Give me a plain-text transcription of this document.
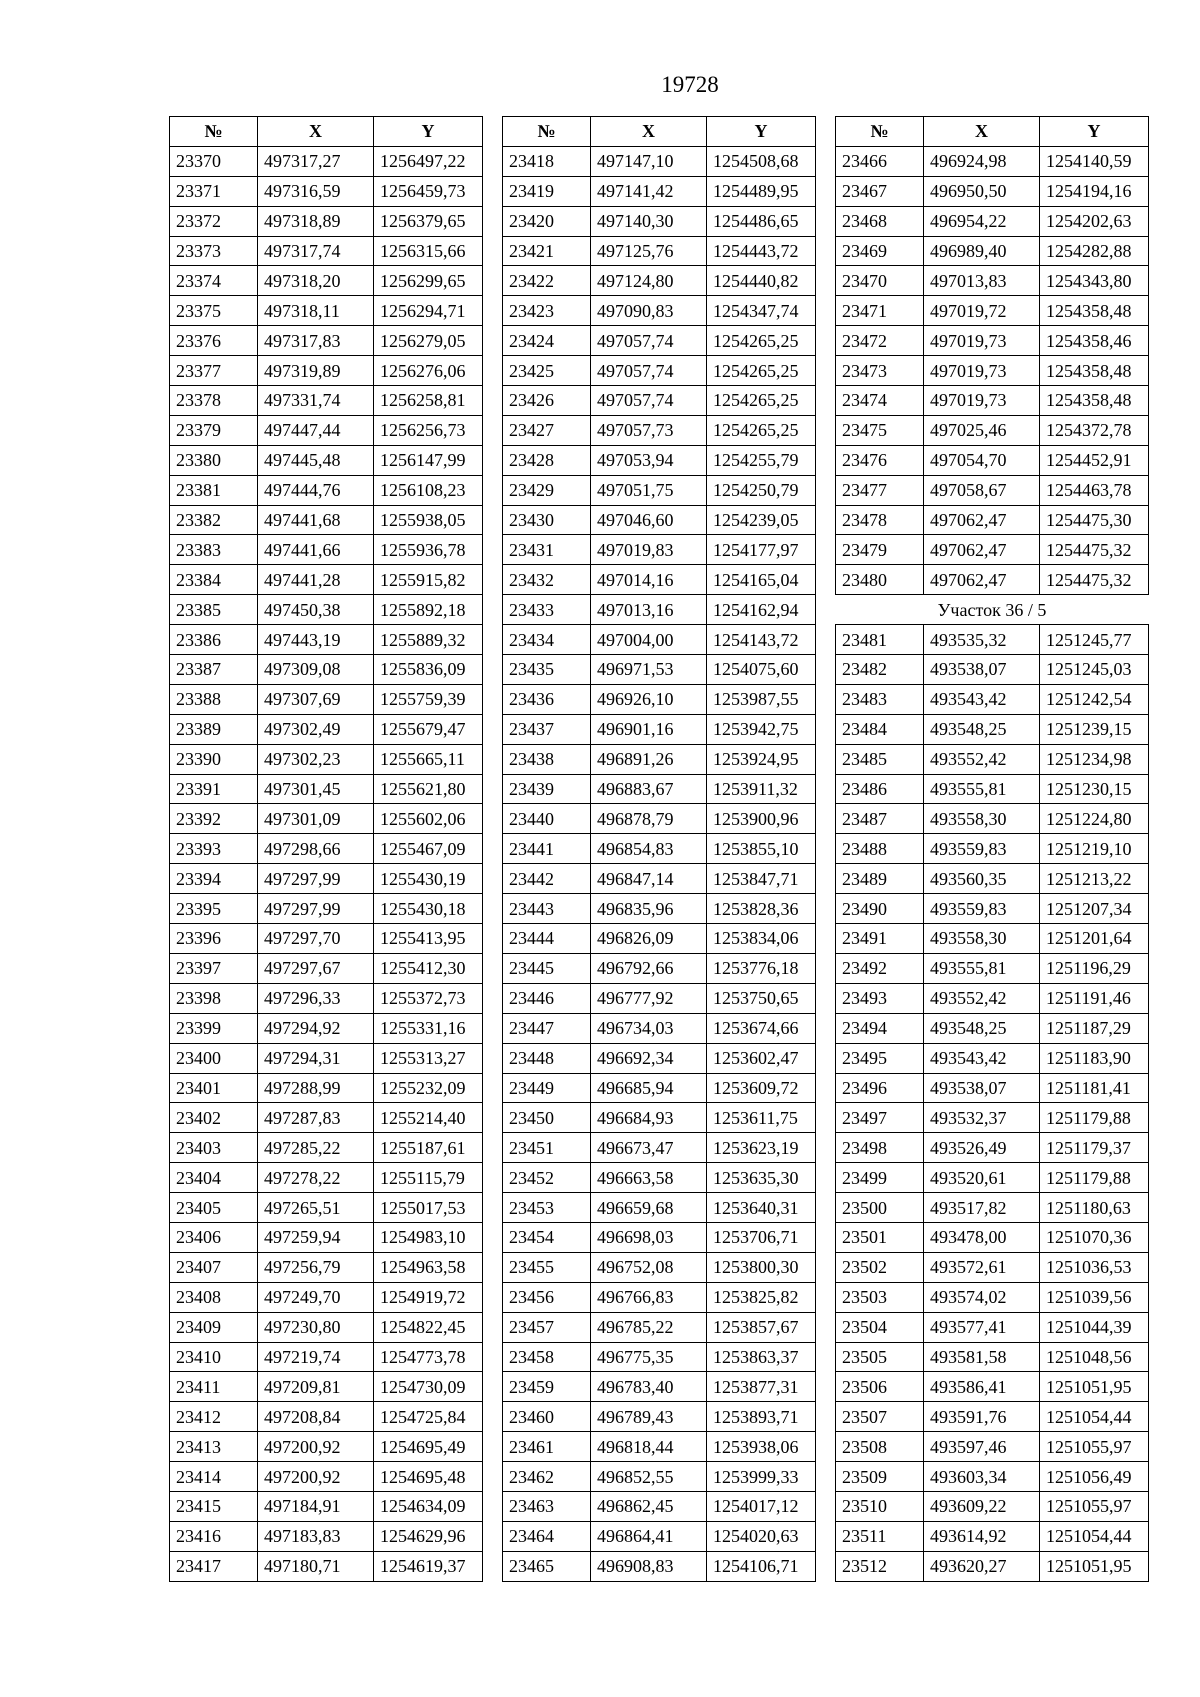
19728
№	X	Y
23370	497317,27	1256497,22
23371	497316,59	1256459,73
23372	497318,89	1256379,65
23373	497317,74	1256315,66
23374	497318,20	1256299,65
23375	497318,11	1256294,71
23376	497317,83	1256279,05
23377	497319,89	1256276,06
23378	497331,74	1256258,81
23379	497447,44	1256256,73
23380	497445,48	1256147,99
23381	497444,76	1256108,23
23382	497441,68	1255938,05
23383	497441,66	1255936,78
23384	497441,28	1255915,82
23385	497450,38	1255892,18
23386	497443,19	1255889,32
23387	497309,08	1255836,09
23388	497307,69	1255759,39
23389	497302,49	1255679,47
23390	497302,23	1255665,11
23391	497301,45	1255621,80
23392	497301,09	1255602,06
23393	497298,66	1255467,09
23394	497297,99	1255430,19
23395	497297,99	1255430,18
23396	497297,70	1255413,95
23397	497297,67	1255412,30
23398	497296,33	1255372,73
23399	497294,92	1255331,16
23400	497294,31	1255313,27
23401	497288,99	1255232,09
23402	497287,83	1255214,40
23403	497285,22	1255187,61
23404	497278,22	1255115,79
23405	497265,51	1255017,53
23406	497259,94	1254983,10
23407	497256,79	1254963,58
23408	497249,70	1254919,72
23409	497230,80	1254822,45
23410	497219,74	1254773,78
23411	497209,81	1254730,09
23412	497208,84	1254725,84
23413	497200,92	1254695,49
23414	497200,92	1254695,48
23415	497184,91	1254634,09
23416	497183,83	1254629,96
23417	497180,71	1254619,37
№	X	Y
23418	497147,10	1254508,68
23419	497141,42	1254489,95
23420	497140,30	1254486,65
23421	497125,76	1254443,72
23422	497124,80	1254440,82
23423	497090,83	1254347,74
23424	497057,74	1254265,25
23425	497057,74	1254265,25
23426	497057,74	1254265,25
23427	497057,73	1254265,25
23428	497053,94	1254255,79
23429	497051,75	1254250,79
23430	497046,60	1254239,05
23431	497019,83	1254177,97
23432	497014,16	1254165,04
23433	497013,16	1254162,94
23434	497004,00	1254143,72
23435	496971,53	1254075,60
23436	496926,10	1253987,55
23437	496901,16	1253942,75
23438	496891,26	1253924,95
23439	496883,67	1253911,32
23440	496878,79	1253900,96
23441	496854,83	1253855,10
23442	496847,14	1253847,71
23443	496835,96	1253828,36
23444	496826,09	1253834,06
23445	496792,66	1253776,18
23446	496777,92	1253750,65
23447	496734,03	1253674,66
23448	496692,34	1253602,47
23449	496685,94	1253609,72
23450	496684,93	1253611,75
23451	496673,47	1253623,19
23452	496663,58	1253635,30
23453	496659,68	1253640,31
23454	496698,03	1253706,71
23455	496752,08	1253800,30
23456	496766,83	1253825,82
23457	496785,22	1253857,67
23458	496775,35	1253863,37
23459	496783,40	1253877,31
23460	496789,43	1253893,71
23461	496818,44	1253938,06
23462	496852,55	1253999,33
23463	496862,45	1254017,12
23464	496864,41	1254020,63
23465	496908,83	1254106,71
№	X	Y
23466	496924,98	1254140,59
23467	496950,50	1254194,16
23468	496954,22	1254202,63
23469	496989,40	1254282,88
23470	497013,83	1254343,80
23471	497019,72	1254358,48
23472	497019,73	1254358,46
23473	497019,73	1254358,48
23474	497019,73	1254358,48
23475	497025,46	1254372,78
23476	497054,70	1254452,91
23477	497058,67	1254463,78
23478	497062,47	1254475,30
23479	497062,47	1254475,32
23480	497062,47	1254475,32
Участок 36 / 5		
23481	493535,32	1251245,77
23482	493538,07	1251245,03
23483	493543,42	1251242,54
23484	493548,25	1251239,15
23485	493552,42	1251234,98
23486	493555,81	1251230,15
23487	493558,30	1251224,80
23488	493559,83	1251219,10
23489	493560,35	1251213,22
23490	493559,83	1251207,34
23491	493558,30	1251201,64
23492	493555,81	1251196,29
23493	493552,42	1251191,46
23494	493548,25	1251187,29
23495	493543,42	1251183,90
23496	493538,07	1251181,41
23497	493532,37	1251179,88
23498	493526,49	1251179,37
23499	493520,61	1251179,88
23500	493517,82	1251180,63
23501	493478,00	1251070,36
23502	493572,61	1251036,53
23503	493574,02	1251039,56
23504	493577,41	1251044,39
23505	493581,58	1251048,56
23506	493586,41	1251051,95
23507	493591,76	1251054,44
23508	493597,46	1251055,97
23509	493603,34	1251056,49
23510	493609,22	1251055,97
23511	493614,92	1251054,44
23512	493620,27	1251051,95
